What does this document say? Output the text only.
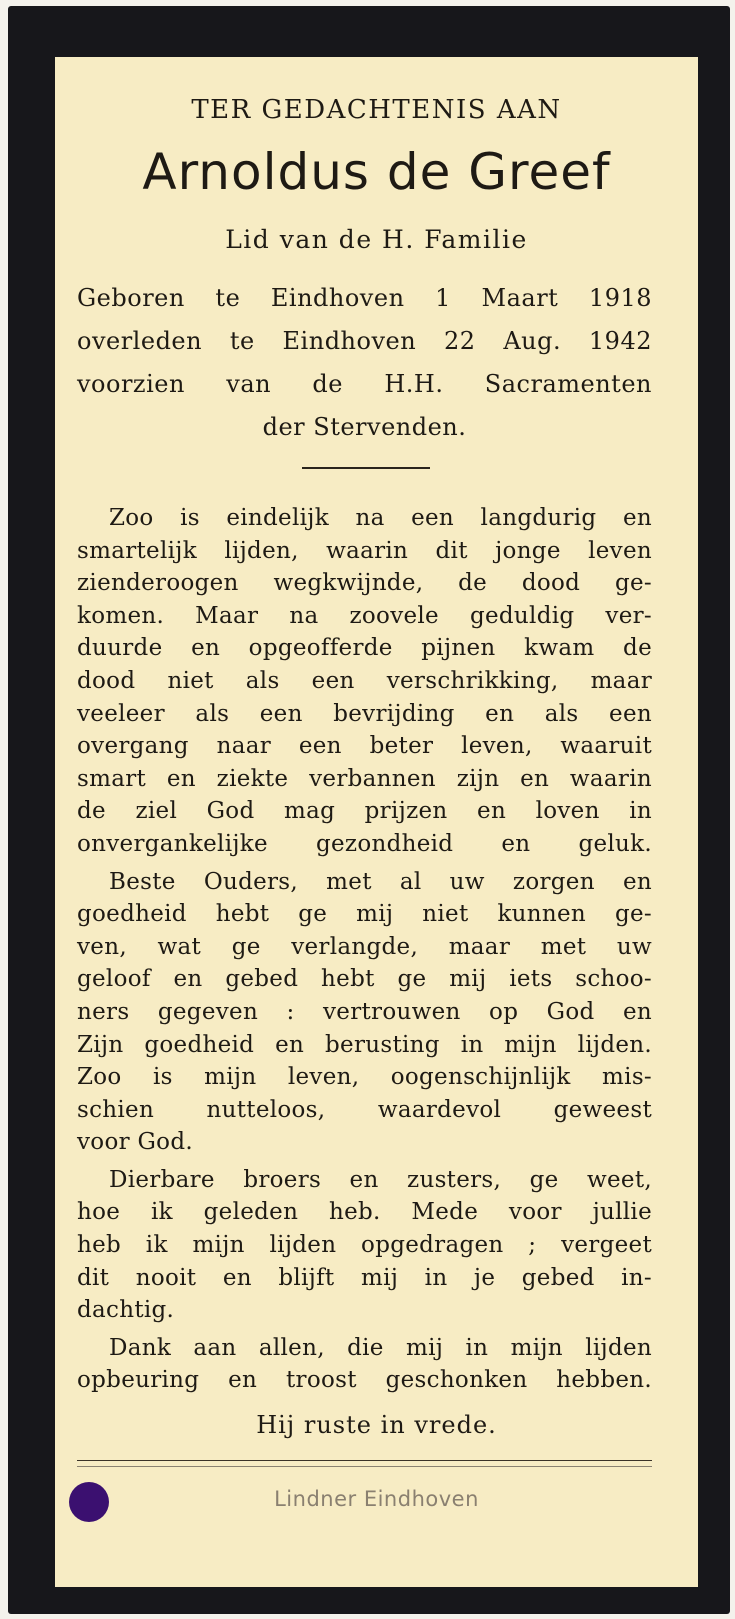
TER GEDACHTENIS AAN
Arnoldus de Greef
Lid van de H. Familie
Geboren te Eindhoven 1 Maart 1918
overleden te Eindhoven 22 Aug. 1942
voorzien van de H.H. Sacramenten
der Stervenden.
Zoo is eindelijk na een langdurig en
smartelijk lijden, waarin dit jonge leven
zienderoogen wegkwijnde, de dood ge-
komen. Maar na zoovele geduldig ver-
duurde en opgeofferde pijnen kwam de
dood niet als een verschrikking, maar
veeleer als een bevrijding en als een
overgang naar een beter leven, waaruit
smart en ziekte verbannen zijn en waarin
de ziel God mag prijzen en loven in
onvergankelijke gezondheid en geluk.
Beste Ouders, met al uw zorgen en
goedheid hebt ge mij niet kunnen ge-
ven, wat ge verlangde, maar met uw
geloof en gebed hebt ge mij iets schoo-
ners gegeven : vertrouwen op God en
Zijn goedheid en berusting in mijn lijden.
Zoo is mijn leven, oogenschijnlijk mis-
schien nutteloos, waardevol geweest
voor God.
Dierbare broers en zusters, ge weet,
hoe ik geleden heb. Mede voor jullie
heb ik mijn lijden opgedragen ; vergeet
dit nooit en blijft mij in je gebed in-
dachtig.
Dank aan allen, die mij in mijn lijden
opbeuring en troost geschonken hebben.
Hij ruste in vrede.
Lindner Eindhoven
